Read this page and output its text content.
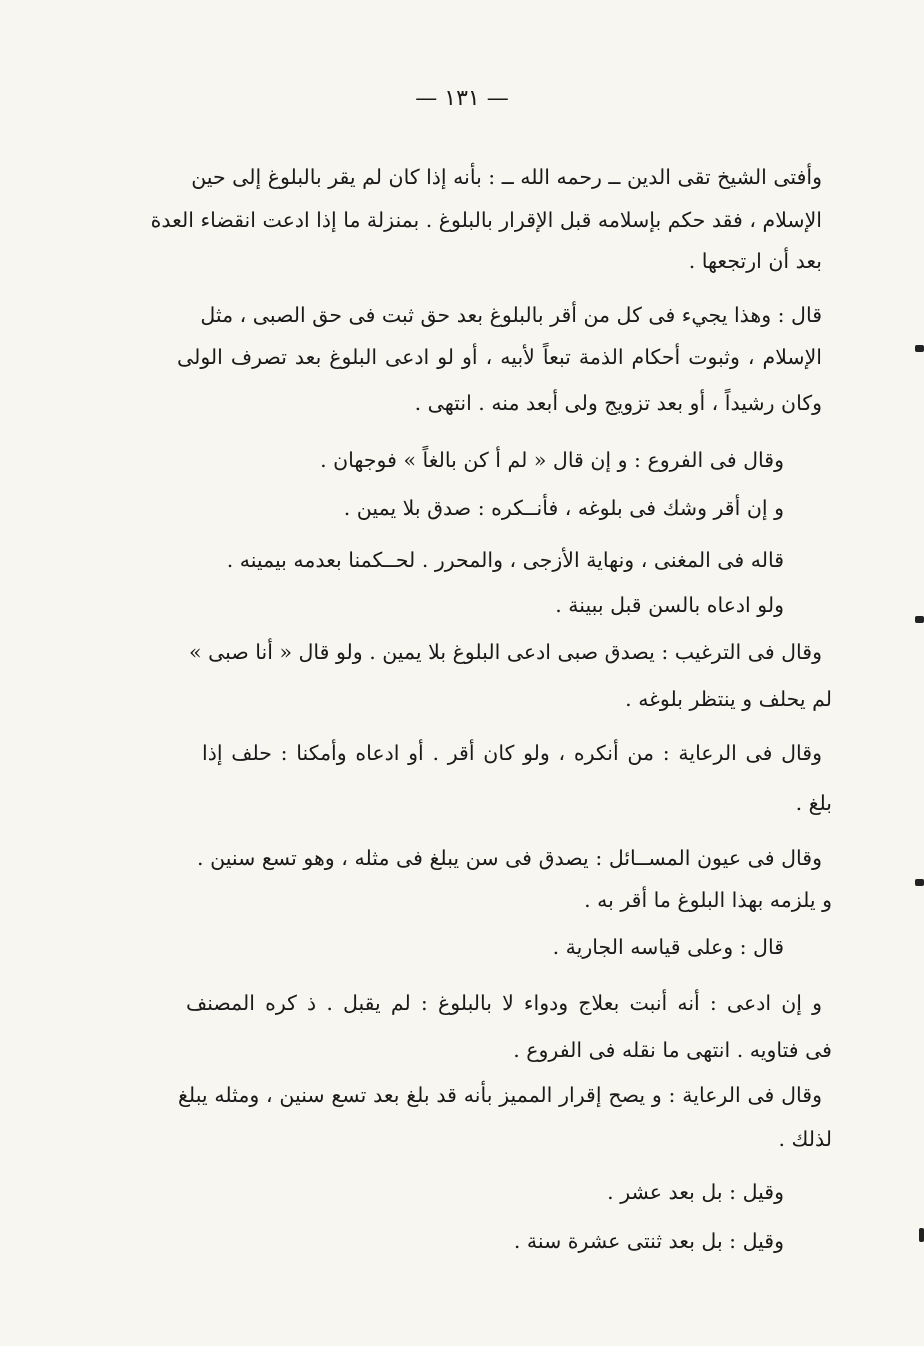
— ١٣١ —
وأفتى الشيخ تقى الدين ــ رحمه الله ــ : بأنه إذا كان لم يقر بالبلوغ إلى حين
الإسلام ، فقد حكم بإسلامه قبل الإقرار بالبلوغ . بمنزلة ما إذا ادعت انقضاء العدة
بعد أن ارتجعها .
قال : وهذا يجيء فى كل من أقر بالبلوغ بعد حق ثبت فى حق الصبى ، مثل
الإسلام ، وثبوت أحكام الذمة تبعاً لأبيه ، أو لو ادعى البلوغ بعد تصرف الولى
وكان رشيداً ، أو بعد تزويج ولى أبعد منه . انتهى .
وقال فى الفروع : و إن قال « لم أ كن بالغاً » فوجهان .
و إن أقر وشك فى بلوغه ، فأنــكره : صدق بلا يمين .
قاله فى المغنى ، ونهاية الأزجى ، والمحرر . لحــكمنا بعدمه بيمينه .
ولو ادعاه بالسن قبل ببينة .
وقال فى الترغيب : يصدق صبى ادعى البلوغ بلا يمين . ولو قال « أنا صبى »
لم يحلف و ينتظر بلوغه .
وقال فى الرعاية : من أنكره ، ولو كان أقر . أو ادعاه وأمكنا : حلف إذا
بلغ .
وقال فى عيون المســائل : يصدق فى سن يبلغ فى مثله ، وهو تسع سنين .
و يلزمه بهذا البلوغ ما أقر به .
قال : وعلى قياسه الجارية .
و إن ادعى : أنه أنبت بعلاج ودواء لا بالبلوغ : لم يقبل . ذ كره المصنف
فى فتاويه . انتهى ما نقله فى الفروع .
وقال فى الرعاية : و يصح إقرار المميز بأنه قد بلغ بعد تسع سنين ، ومثله يبلغ
لذلك .
وقيل : بل بعد عشر .
وقيل : بل بعد ثنتى عشرة سنة .
